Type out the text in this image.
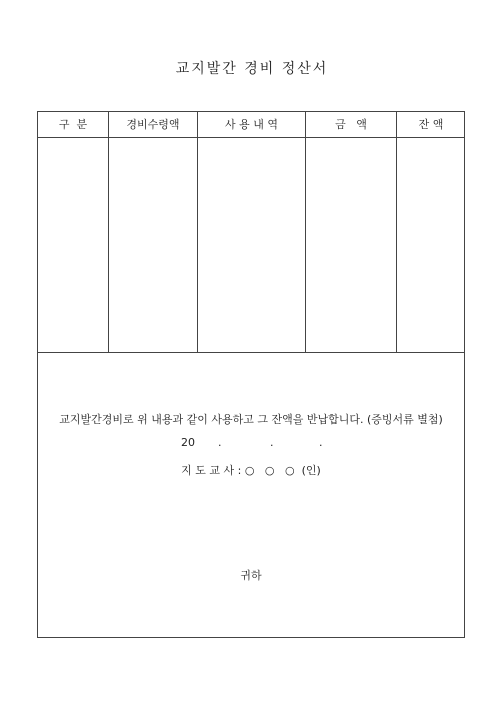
교지발간 경비 정산서
구  분	경비수령액	사 용 내 역	금   액	잔 액
교지발간경비로 위 내용과 같이 사용하고 그 잔액을 반납합니다. (증빙서류 별첨)
20 .	.	.
지 도 교 사 : ○   ○   ○  (인)
귀하
